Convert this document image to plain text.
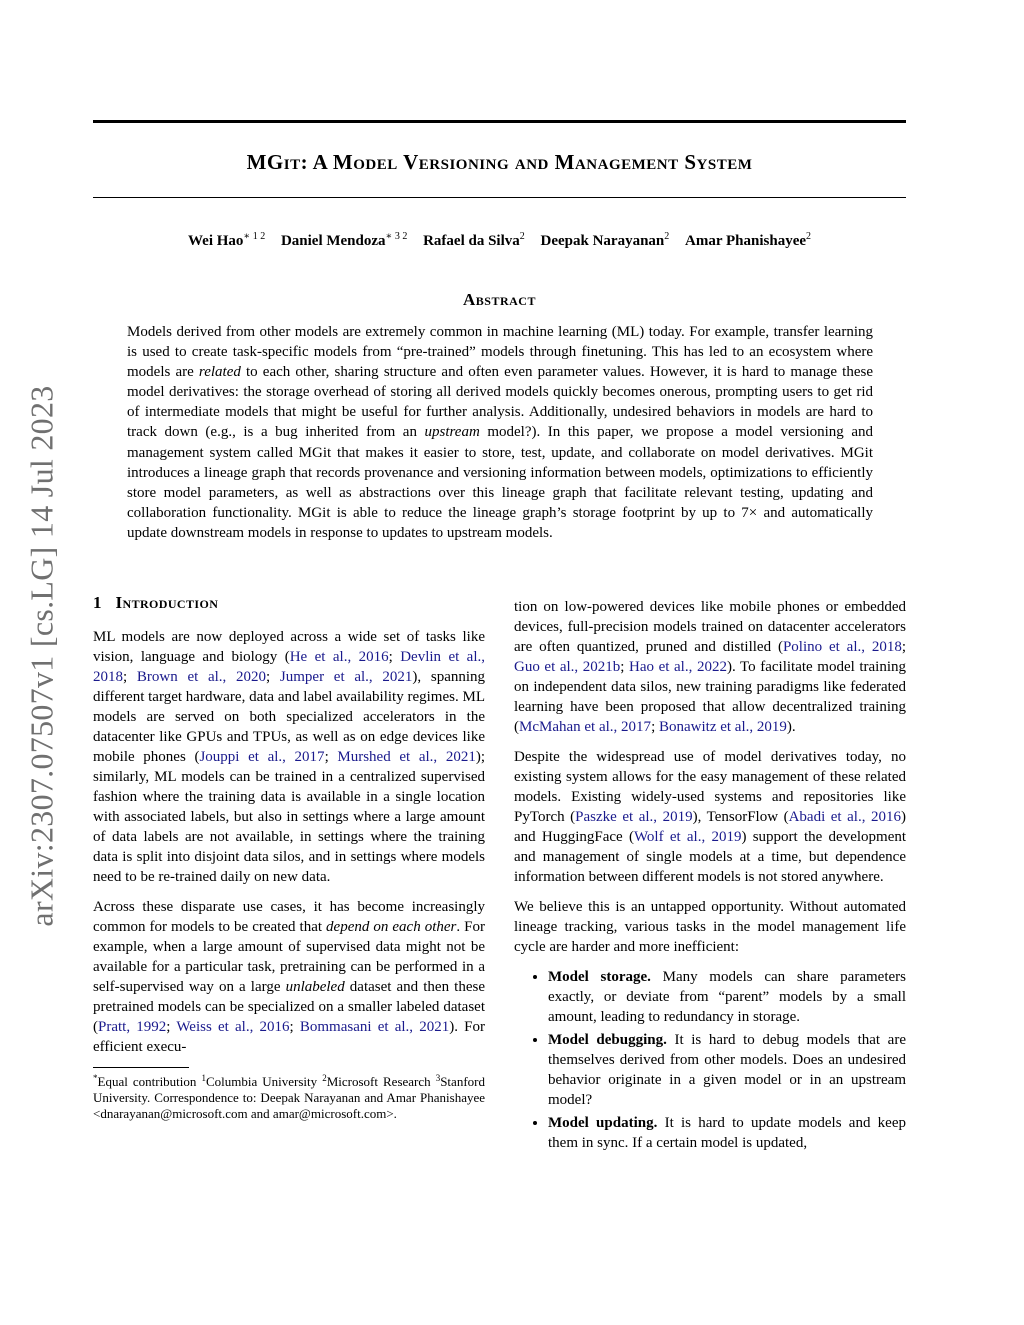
MGit: A Model Versioning and Management System
Wei Hao$^{∗ 1 2}$ Daniel Mendoza$^{∗ 3 2}$ Rafael da Silva$^2$ Deepak Narayanan$^2$ Amar Phanishayee$^2$
Abstract

Models derived from other models are extremely common in machine learning (ML) today. For example, transfer learning is used to create task-specific models from “pre-trained” models through finetuning. This has led to an ecosystem where models are related to each other, sharing structure and often even parameter values. However, it is hard to manage these model derivatives: the storage overhead of storing all derived models quickly becomes onerous, prompting users to get rid of intermediate models that might be useful for further analysis. Additionally, undesired behaviors in models are hard to track down (e.g., is a bug inherited from an upstream model?). In this paper, we propose a model versioning and management system called MGit that makes it easier to store, test, update, and collaborate on model derivatives. MGit introduces a lineage graph that records provenance and versioning information between models, optimizations to efficiently store model parameters, as well as abstractions over this lineage graph that facilitate relevant testing, updating and collaboration functionality. MGit is able to reduce the lineage graph’s storage footprint by up to 7× and automatically update downstream models in response to updates to upstream models.

arXiv:2307.07507v1 [cs.LG] 14 Jul 2023 1 Introduction

ML models are now deployed across a wide set of tasks like vision, language and biology (He et al., 2016; Devlin et al., 2018; Brown et al., 2020; Jumper et al., 2021), spanning different target hardware, data and label availability regimes. ML models are served on both specialized accelerators in the datacenter like GPUs and TPUs, as well as on edge devices like mobile phones (Jouppi et al., 2017; Murshed et al., 2021); similarly, ML models can be trained in a centralized supervised fashion where the training data is available in a single location with associated labels, but also in settings where a large amount of data labels are not available, in settings where the training data is split into disjoint data silos, and in settings where models need to be re-trained daily on new data.

Across these disparate use cases, it has become increasingly common for models to be created that depend on each other. For example, when a large amount of supervised data might not be available for a particular task, pretraining can be performed in a self-supervised way on a large unlabeled dataset and then these pretrained models can be specialized on a smaller labeled dataset (Pratt, 1992; Weiss et al., 2016; Bommasani et al., 2021). For efficient execu-

*Equal contribution $^1$Columbia University $^2$Microsoft Research $^3$Stanford University. Correspondence to: Deepak Narayanan and Amar Phanishayee <dnarayanan@microsoft.com and amar@microsoft.com>.

tion on low-powered devices like mobile phones or embedded devices, full-precision models trained on datacenter accelerators are often quantized, pruned and distilled (Polino et al., 2018; Guo et al., 2021b; Hao et al., 2022). To facilitate model training on independent data silos, new training paradigms like federated learning have been proposed that allow decentralized training (McMahan et al., 2017; Bonawitz et al., 2019).

Despite the widespread use of model derivatives today, no existing system allows for the easy management of these related models. Existing widely-used systems and repositories like PyTorch (Paszke et al., 2019), TensorFlow (Abadi et al., 2016) and HuggingFace (Wolf et al., 2019) support the development and management of single models at a time, but dependence information between different models is not stored anywhere.

We believe this is an untapped opportunity. Without automated lineage tracking, various tasks in the model management life cycle are harder and more inefficient:

• Model storage. Many models can share parameters exactly, or deviate from “parent” models by a small amount, leading to redundancy in storage.
• Model debugging. It is hard to debug models that are themselves derived from other models. Does an undesired behavior originate in a given model or in an upstream model?
• Model updating. It is hard to update models and keep them in sync. If a certain model is updated,
